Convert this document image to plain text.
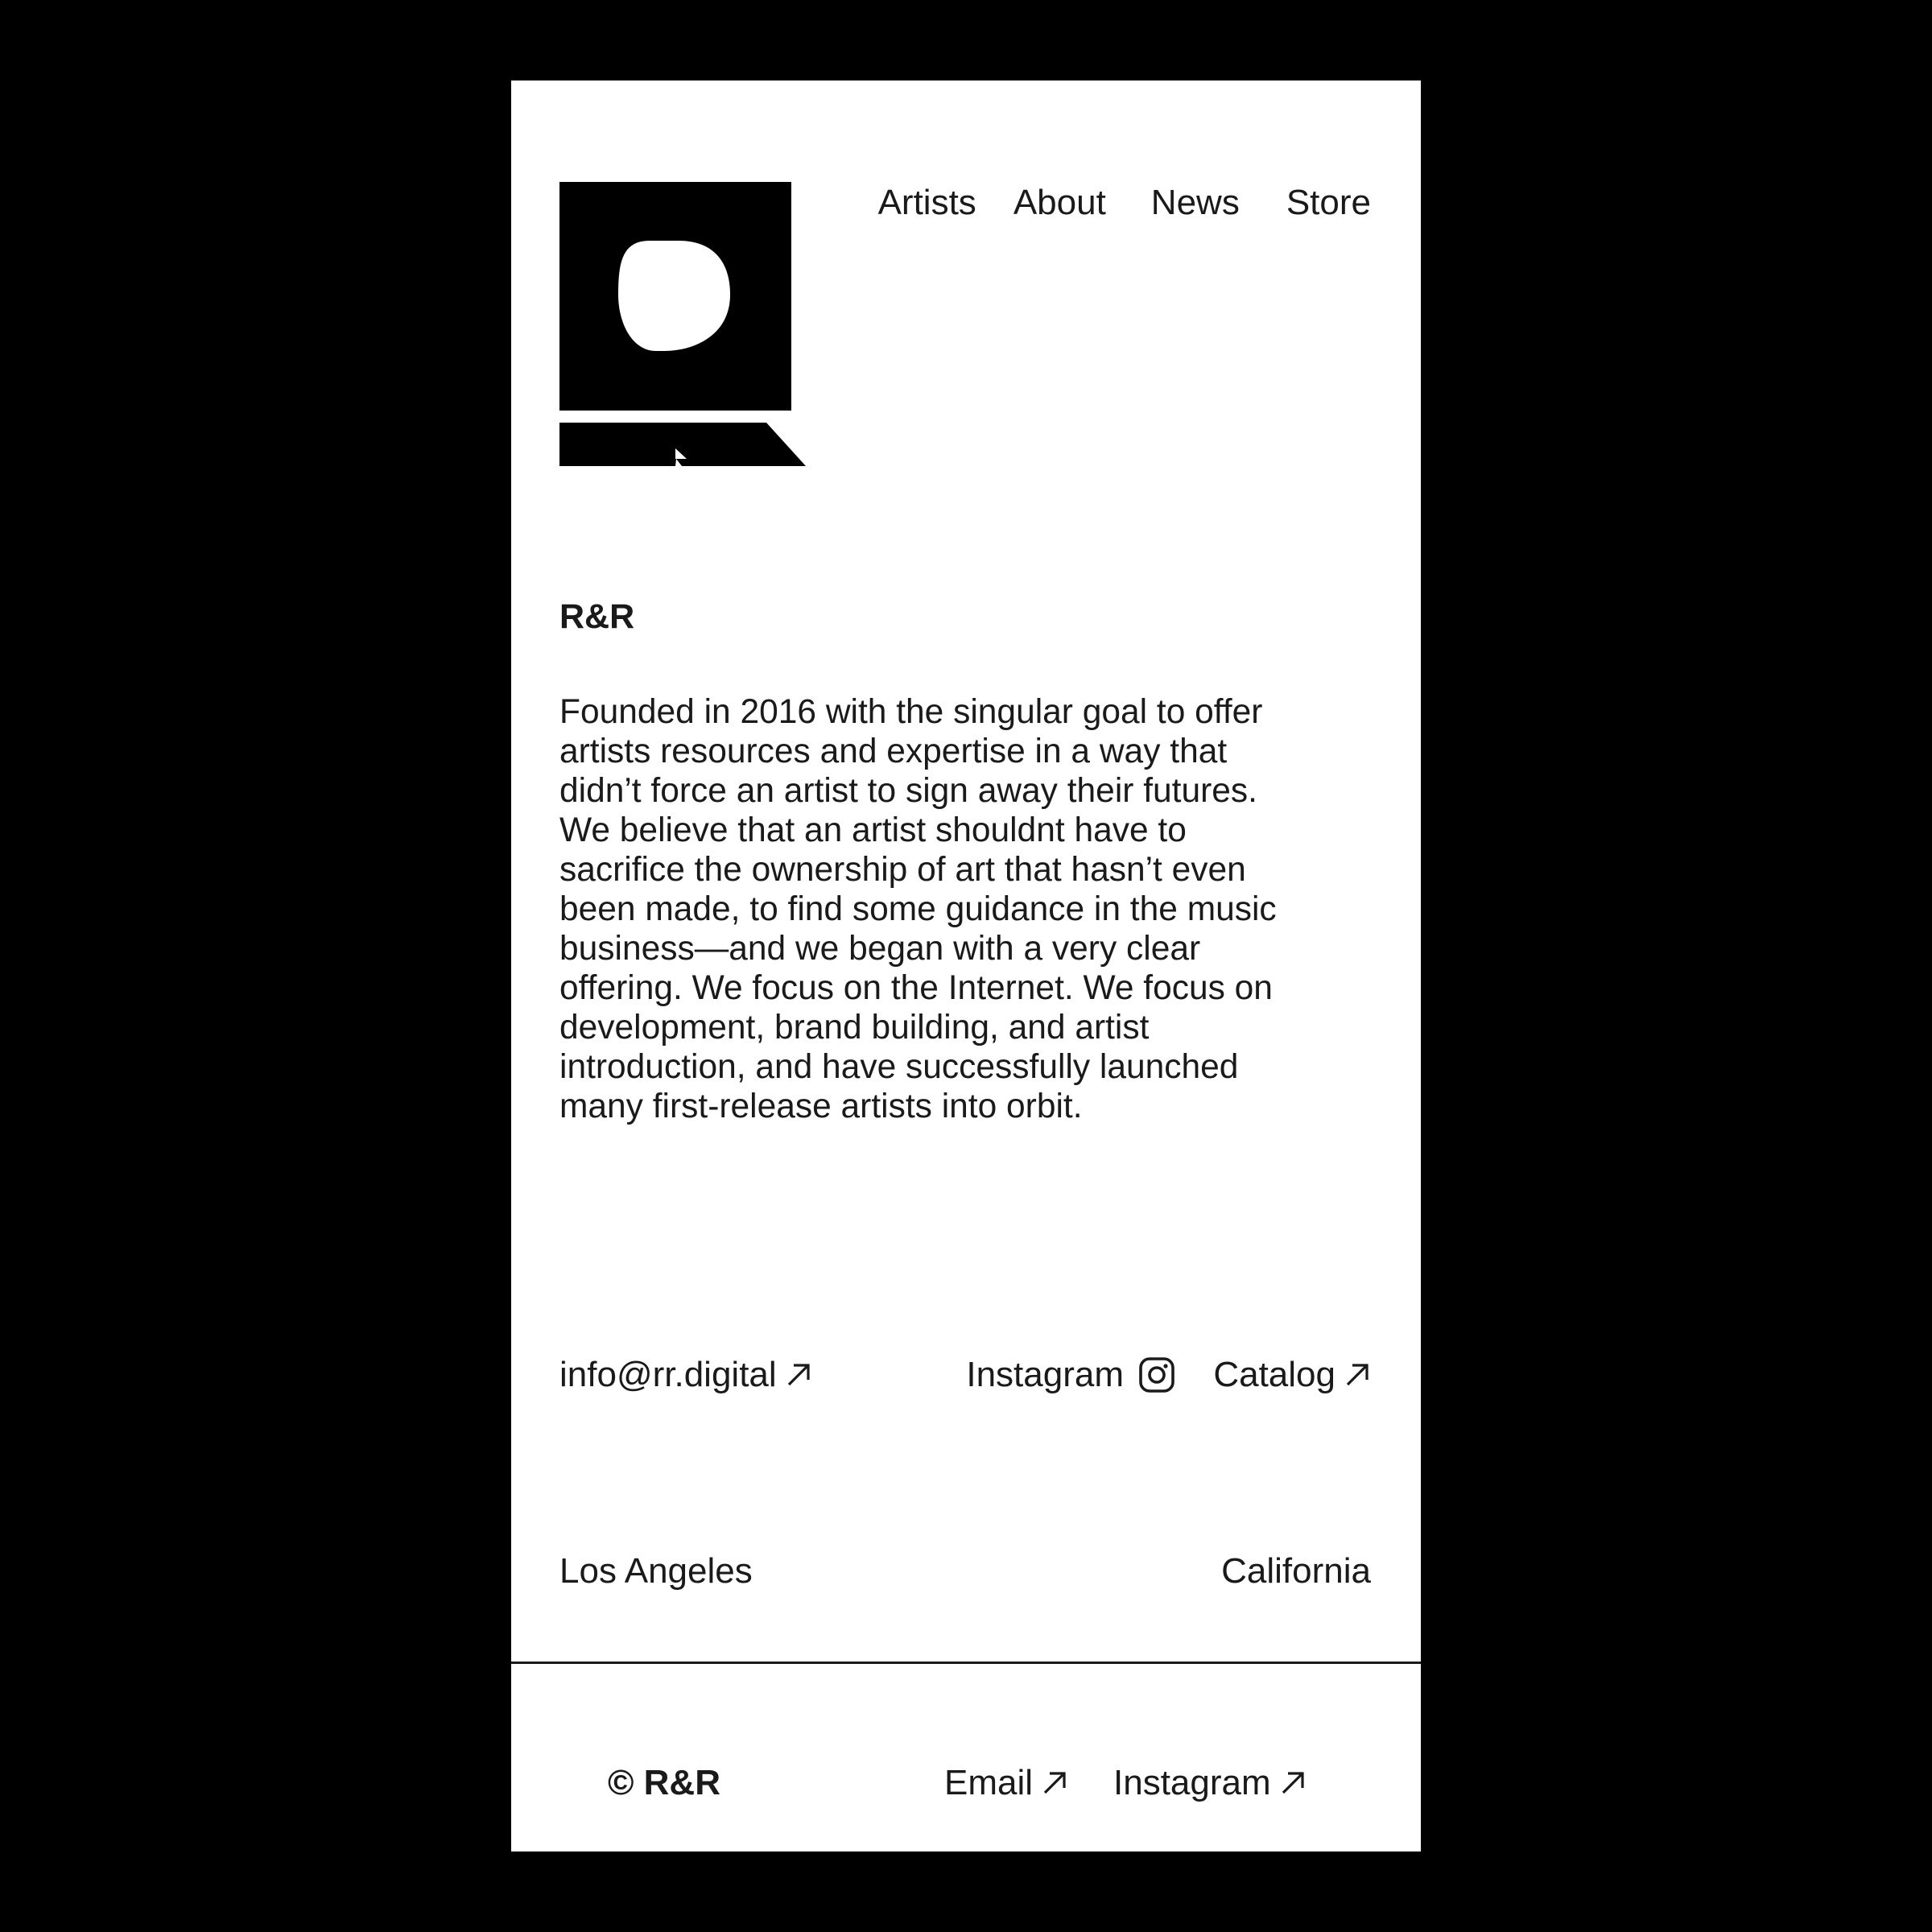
Artists About News Store
R&R

Founded in 2016 with the singular goal to offer
artists resources and expertise in a way that
didn’t force an artist to sign away their futures.
We believe that an artist shouldnt have to
sacrifice the ownership of art that hasn’t even
been made, to find some guidance in the music
business—and we began with a very clear
offering. We focus on the Internet. We focus on
development, brand building, and artist
introduction, and have successfully launched
many first-release artists into orbit.

info@rr.digital	Instagram	Catalog
Los Angeles	California
© R&R	Email Instagram
